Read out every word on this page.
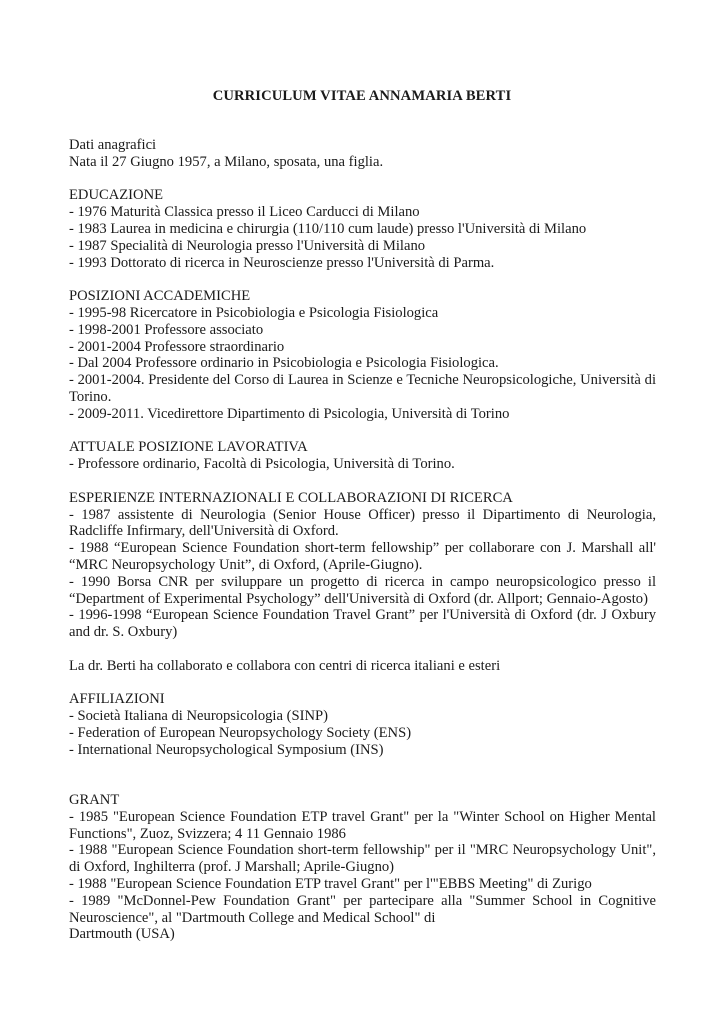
CURRICULUM VITAE ANNAMARIA BERTI
Dati anagrafici
Nata il 27 Giugno 1957, a Milano, sposata, una figlia.
EDUCAZIONE
- 1976 Maturità Classica presso il Liceo Carducci di Milano
- 1983 Laurea in medicina e chirurgia (110/110 cum laude) presso l'Università di Milano
- 1987 Specialità di Neurologia presso l'Università di Milano
- 1993 Dottorato di ricerca in Neuroscienze presso l'Università di Parma.
POSIZIONI ACCADEMICHE
- 1995-98 Ricercatore in Psicobiologia e Psicologia Fisiologica
- 1998-2001 Professore associato
- 2001-2004 Professore straordinario
- Dal 2004 Professore ordinario in Psicobiologia e Psicologia Fisiologica.
- 2001-2004. Presidente del Corso di Laurea in Scienze e Tecniche Neuropsicologiche, Università di Torino.
- 2009-2011. Vicedirettore Dipartimento di Psicologia, Università di Torino
ATTUALE POSIZIONE LAVORATIVA
- Professore ordinario, Facoltà di Psicologia, Università di Torino.
ESPERIENZE INTERNAZIONALI E COLLABORAZIONI DI RICERCA
- 1987 assistente di Neurologia (Senior House Officer) presso il Dipartimento di Neurologia, Radcliffe Infirmary, dell'Università di Oxford.
- 1988 “European Science Foundation short-term fellowship” per collaborare con J. Marshall all' “MRC Neuropsychology Unit”, di Oxford, (Aprile-Giugno).
- 1990 Borsa CNR per sviluppare un progetto di ricerca in campo neuropsicologico presso il “Department of Experimental Psychology” dell'Università di Oxford (dr. Allport; Gennaio-Agosto)
- 1996-1998 “European Science Foundation Travel Grant” per l'Università di Oxford (dr. J Oxbury and dr. S. Oxbury)
La dr. Berti ha collaborato e collabora con centri di ricerca italiani e esteri
AFFILIAZIONI
- Società Italiana di Neuropsicologia (SINP)
- Federation of European Neuropsychology Society (ENS)
- International Neuropsychological Symposium (INS)
GRANT
- 1985 "European Science Foundation ETP travel Grant" per la "Winter School on Higher Mental Functions", Zuoz, Svizzera; 4 11 Gennaio 1986
- 1988 "European Science Foundation short-term fellowship" per il "MRC Neuropsychology Unit", di Oxford, Inghilterra (prof. J Marshall; Aprile-Giugno)
- 1988 "European Science Foundation ETP travel Grant" per l'"EBBS Meeting" di Zurigo
- 1989 "McDonnel-Pew Foundation Grant" per partecipare alla "Summer School in Cognitive Neuroscience", al "Dartmouth College and Medical School" di
Dartmouth (USA)
